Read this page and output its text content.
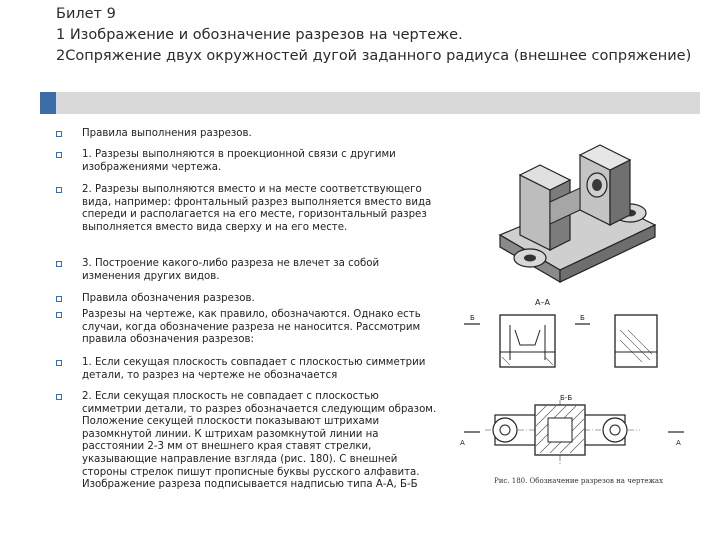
Билет 9
1 Изображение и обозначение разрезов на чертеже.
2Сопряжение двух окружностей дугой заданного радиуса (внешнее сопряжение)
Правила выполнения разрезов.
1. Разрезы выполняются в проекционной связи с другими изображениями чертежа.
2. Разрезы выполняются вместо и на месте соответствующего вида, например: фронтальный разрез выполняется вместо вида спереди и располагается на его месте, горизонтальный разрез выполняется вместо вида сверху и на его месте.
3. Построение какого-либо разреза не влечет за собой изменения других видов.
Правила обозначения разрезов.
Разрезы на чертеже, как правило, обозначаются. Однако есть случаи, когда обозначение разреза не наносится. Рассмотрим правила обозначения разрезов:
1. Если секущая плоскость совпадает с плоскостью симметрии детали, то разрез на чертеже не обозначается
2. Если секущая плоскость не совпадает с плоскостью симметрии детали, то разрез обозначается следующим образом. Положение секущей плоскости показывают штрихами разомкнутой линии. К штрихам разомкнутой линии на расстоянии 2-3 мм от внешнего края ставят стрелки, указывающие направление взгляда (рис. 180). С внешней стороны стрелок пишут прописные буквы русского алфавита. Изображение разреза подписывается надписью типа А-А, Б-Б
А–А
Б	Б
Б-Б
А	А
Рис. 180. Обозначение разрезов на чертежах
